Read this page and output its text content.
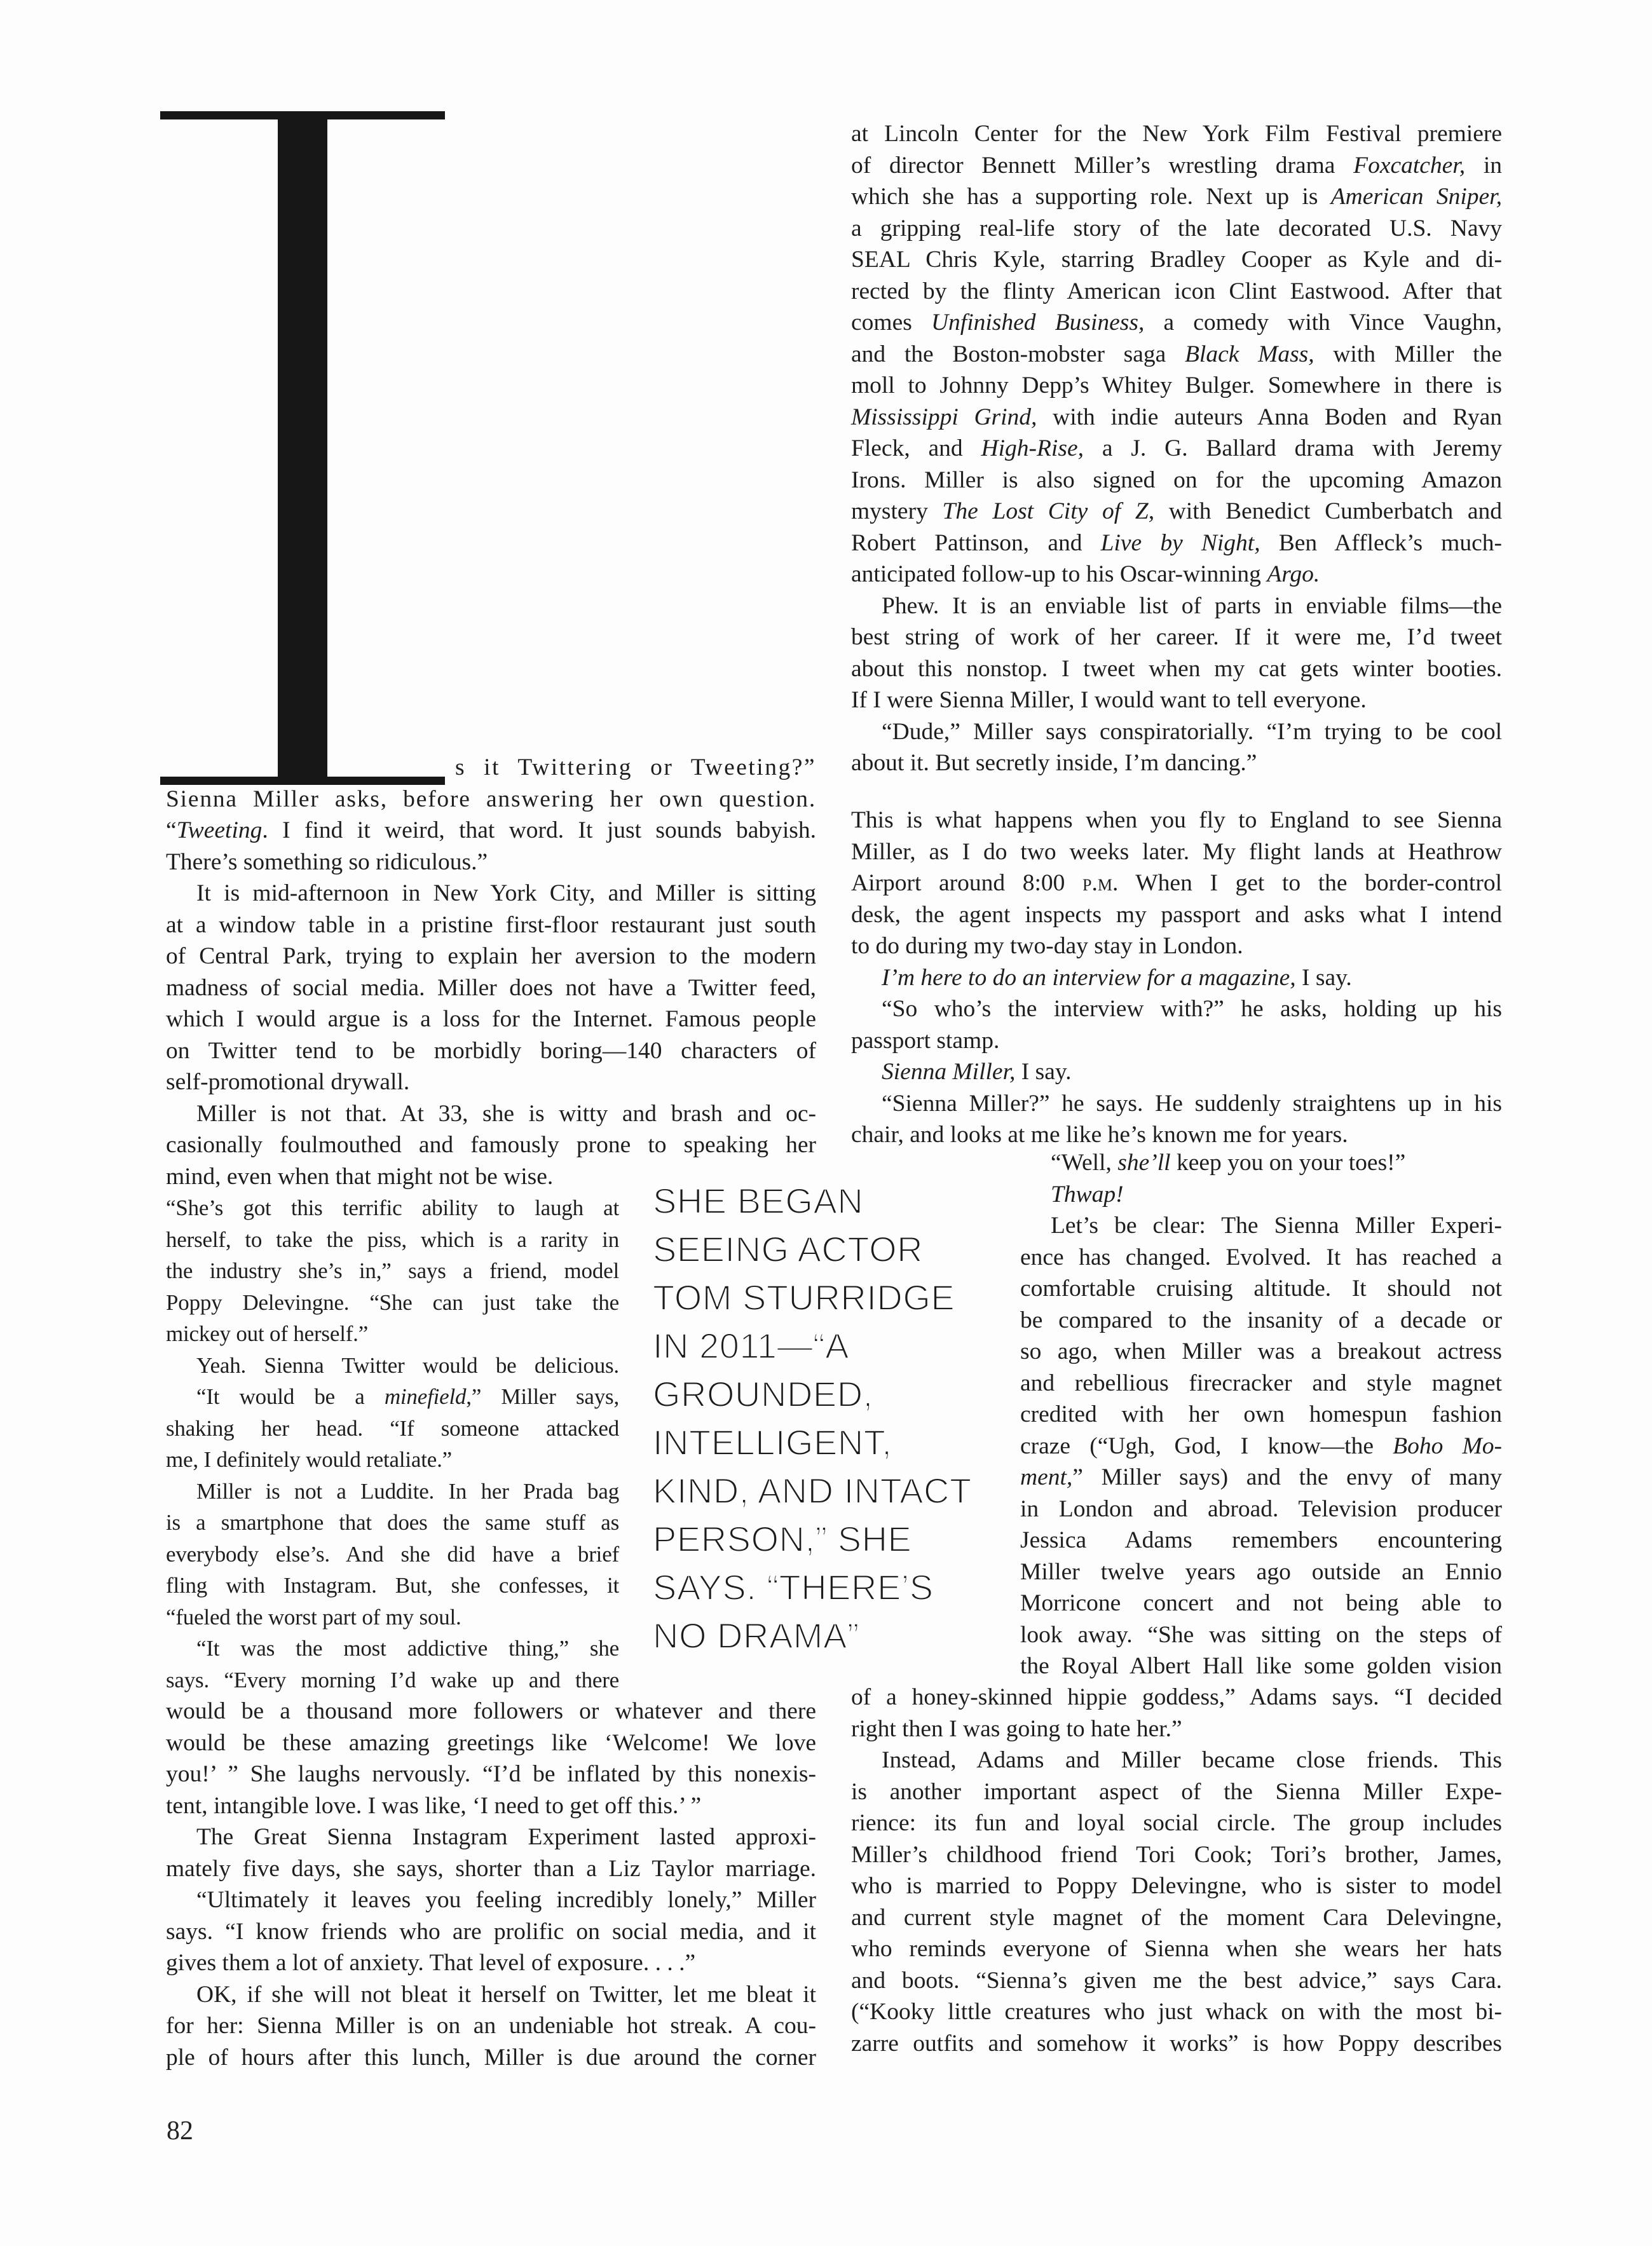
s it Twittering or Tweeting?”
Sienna Miller asks, before answering her own question.
“Tweeting. I find it weird, that word. It just sounds babyish.
There’s something so ridiculous.”
It is mid-afternoon in New York City, and Miller is sitting
at a window table in a pristine first-floor restaurant just south
of Central Park, trying to explain her aversion to the modern
madness of social media. Miller does not have a Twitter feed,
which I would argue is a loss for the Internet. Famous people
on Twitter tend to be morbidly boring—140 characters of
self-promotional drywall.
Miller is not that. At 33, she is witty and brash and oc-
casionally foulmouthed and famously prone to speaking her
mind, even when that might not be wise.
“She’s got this terrific ability to laugh at
herself, to take the piss, which is a rarity in
the industry she’s in,” says a friend, model
Poppy Delevingne. “She can just take the
mickey out of herself.”
Yeah. Sienna Twitter would be delicious.
“It would be a minefield,” Miller says,
shaking her head. “If someone attacked
me, I definitely would retaliate.”
Miller is not a Luddite. In her Prada bag
is a smartphone that does the same stuff as
everybody else’s. And she did have a brief
fling with Instagram. But, she confesses, it
“fueled the worst part of my soul.
“It was the most addictive thing,” she
says. “Every morning I’d wake up and there
would be a thousand more followers or whatever and there
would be these amazing greetings like ‘Welcome! We love
you!’ ” She laughs nervously. “I’d be inflated by this nonexis-
tent, intangible love. I was like, ‘I need to get off this.’ ”
The Great Sienna Instagram Experiment lasted approxi-
mately five days, she says, shorter than a Liz Taylor marriage.
“Ultimately it leaves you feeling incredibly lonely,” Miller
says. “I know friends who are prolific on social media, and it
gives them a lot of anxiety. That level of exposure. . . .”
OK, if she will not bleat it herself on Twitter, let me bleat it
for her: Sienna Miller is on an undeniable hot streak. A cou-
ple of hours after this lunch, Miller is due around the corner
at Lincoln Center for the New York Film Festival premiere
of director Bennett Miller’s wrestling drama Foxcatcher, in
which she has a supporting role. Next up is American Sniper,
a gripping real-life story of the late decorated U.S. Navy
SEAL Chris Kyle, starring Bradley Cooper as Kyle and di-
rected by the flinty American icon Clint Eastwood. After that
comes Unfinished Business, a comedy with Vince Vaughn,
and the Boston-mobster saga Black Mass, with Miller the
moll to Johnny Depp’s Whitey Bulger. Somewhere in there is
Mississippi Grind, with indie auteurs Anna Boden and Ryan
Fleck, and High-Rise, a J. G. Ballard drama with Jeremy
Irons. Miller is also signed on for the upcoming Amazon
mystery The Lost City of Z, with Benedict Cumberbatch and
Robert Pattinson, and Live by Night, Ben Affleck’s much-
anticipated follow-up to his Oscar-winning Argo.
Phew. It is an enviable list of parts in enviable films—the
best string of work of her career. If it were me, I’d tweet
about this nonstop. I tweet when my cat gets winter booties.
If I were Sienna Miller, I would want to tell everyone.
“Dude,” Miller says conspiratorially. “I’m trying to be cool
about it. But secretly inside, I’m dancing.”
This is what happens when you fly to England to see Sienna
Miller, as I do two weeks later. My flight lands at Heathrow
Airport around 8:00 p.m. When I get to the border-control
desk, the agent inspects my passport and asks what I intend
to do during my two-day stay in London.
I’m here to do an interview for a magazine, I say.
“So who’s the interview with?” he asks, holding up his
passport stamp.
Sienna Miller, I say.
“Sienna Miller?” he says. He suddenly straightens up in his
chair, and looks at me like he’s known me for years.
“Well, she’ll keep you on your toes!”
Thwap!
Let’s be clear: The Sienna Miller Experi-
ence has changed. Evolved. It has reached a
comfortable cruising altitude. It should not
be compared to the insanity of a decade or
so ago, when Miller was a breakout actress
and rebellious firecracker and style magnet
credited with her own homespun fashion
craze (“Ugh, God, I know—the Boho Mo-
ment,” Miller says) and the envy of many
in London and abroad. Television producer
Jessica Adams remembers encountering
Miller twelve years ago outside an Ennio
Morricone concert and not being able to
look away. “She was sitting on the steps of
the Royal Albert Hall like some golden vision
of a honey-skinned hippie goddess,” Adams says. “I decided
right then I was going to hate her.”
Instead, Adams and Miller became close friends. This
is another important aspect of the Sienna Miller Expe-
rience: its fun and loyal social circle. The group includes
Miller’s childhood friend Tori Cook; Tori’s brother, James,
who is married to Poppy Delevingne, who is sister to model
and current style magnet of the moment Cara Delevingne,
who reminds everyone of Sienna when she wears her hats
and boots. “Sienna’s given me the best advice,” says Cara.
(“Kooky little creatures who just whack on with the most bi-
zarre outfits and somehow it works” is how Poppy describes
SHE BEGAN
SEEING ACTOR
TOM STURRIDGE
IN 2011—“A
GROUNDED,
INTELLIGENT,
KIND, AND INTACT
PERSON,” SHE
SAYS. “THERE’S
NO DRAMA”
82
